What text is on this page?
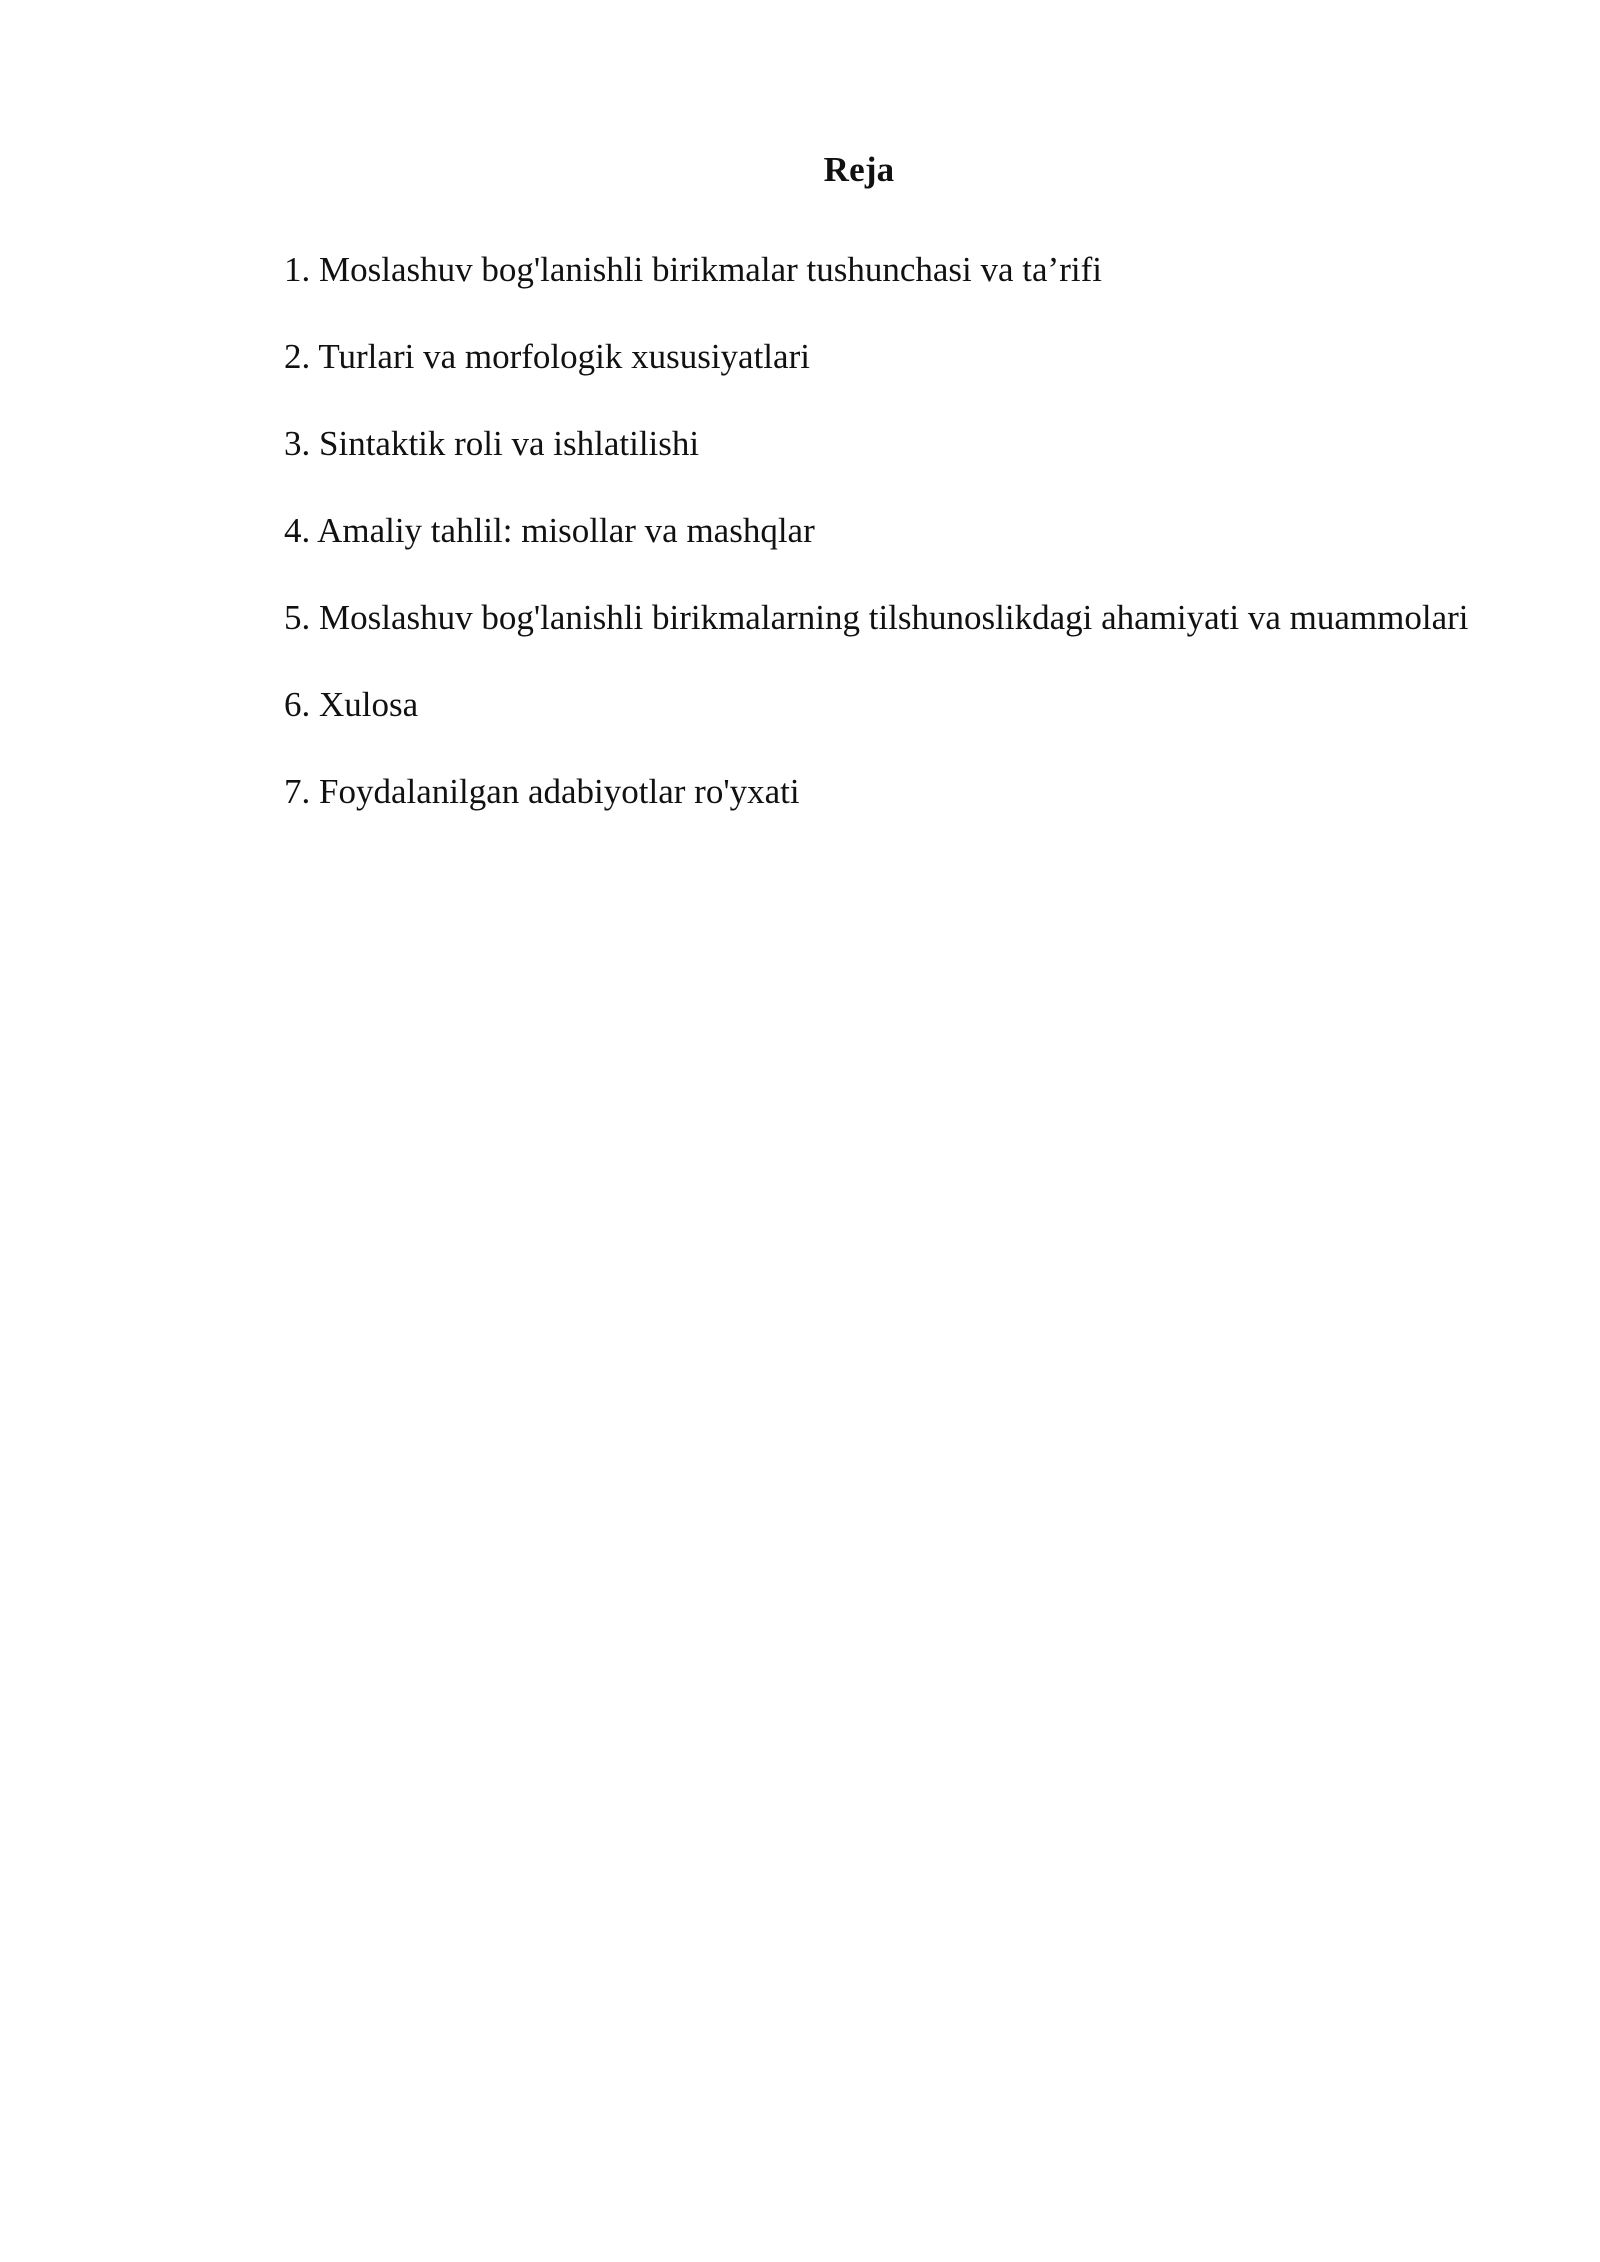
Reja
1. Moslashuv bog'lanishli birikmalar tushunchasi va ta’rifi
2. Turlari va morfologik xususiyatlari
3. Sintaktik roli va ishlatilishi
4. Amaliy tahlil: misollar va mashqlar
5. Moslashuv bog'lanishli birikmalarning tilshunoslikdagi ahamiyati va muammolari
6. Xulosa
7. Foydalanilgan adabiyotlar ro'yxati
